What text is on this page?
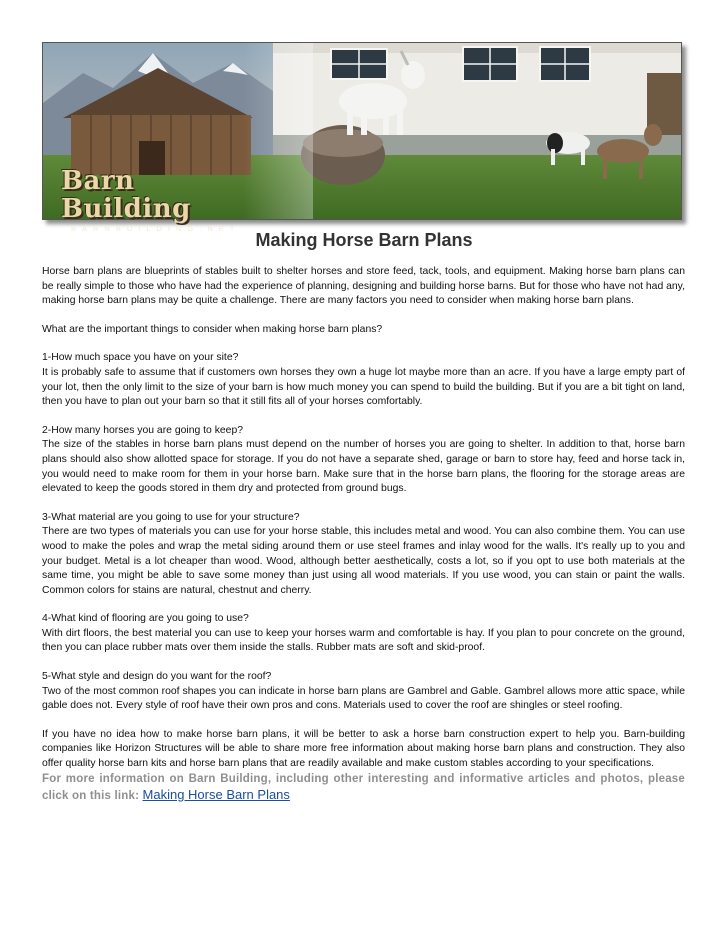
Barn Building
BARNBUILDING.NET
Making Horse Barn Plans

Horse barn plans are blueprints of stables built to shelter horses and store feed, tack, tools, and equipment. Making horse barn plans can be really simple to those who have had the experience of planning, designing and building horse barns. But for those who have not had any, making horse barn plans may be quite a challenge. There are many factors you need to consider when making horse barn plans.

What are the important things to consider when making horse barn plans?

1-How much space you have on your site?
It is probably safe to assume that if customers own horses they own a huge lot maybe more than an acre. If you have a large empty part of your lot, then the only limit to the size of your barn is how much money you can spend to build the building. But if you are a bit tight on land, then you have to plan out your barn so that it still fits all of your horses comfortably.

2-How many horses you are going to keep?
The size of the stables in horse barn plans must depend on the number of horses you are going to shelter. In addition to that, horse barn plans should also show allotted space for storage. If you do not have a separate shed, garage or barn to store hay, feed and horse tack in, you would need to make room for them in your horse barn. Make sure that in the horse barn plans, the flooring for the storage areas are elevated to keep the goods stored in them dry and protected from ground bugs.

3-What material are you going to use for your structure?
There are two types of materials you can use for your horse stable, this includes metal and wood. You can also combine them. You can use wood to make the poles and wrap the metal siding around them or use steel frames and inlay wood for the walls. It's really up to you and your budget. Metal is a lot cheaper than wood. Wood, although better aesthetically, costs a lot, so if you opt to use both materials at the same time, you might be able to save some money than just using all wood materials. If you use wood, you can stain or paint the walls. Common colors for stains are natural, chestnut and cherry.

4-What kind of flooring are you going to use?
With dirt floors, the best material you can use to keep your horses warm and comfortable is hay. If you plan to pour concrete on the ground, then you can place rubber mats over them inside the stalls. Rubber mats are soft and skid-proof.

5-What style and design do you want for the roof?
Two of the most common roof shapes you can indicate in horse barn plans are Gambrel and Gable. Gambrel allows more attic space, while gable does not. Every style of roof have their own pros and cons. Materials used to cover the roof are shingles or steel roofing.

If you have no idea how to make horse barn plans, it will be better to ask a horse barn construction expert to help you. Barn-building companies like Horizon Structures will be able to share more free information about making horse barn plans and construction. They also offer quality horse barn kits and horse barn plans that are readily available and make custom stables according to your specifications.

For more information on Barn Building, including other interesting and informative articles and photos, please click on this link: Making Horse Barn Plans
